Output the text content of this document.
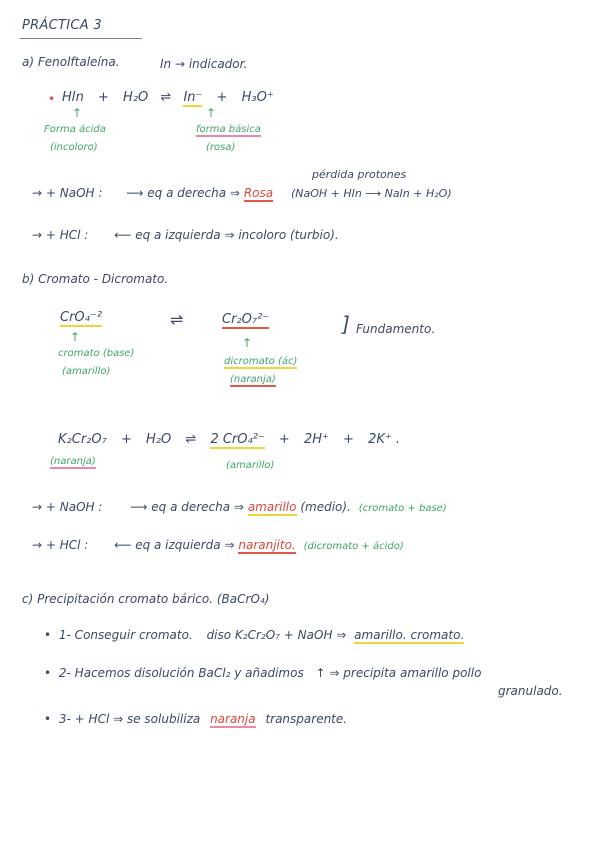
PRÁCTICA 3
a) Fenolftaleína.	In → indicador.
• HIn + H₂O ⇌ In⁻ + H₃O⁺
↑
Forma ácida
(incoloro)
↑
forma básica
(rosa)
pérdida protones
→ + NaOH : ⟶ eq a derecha ⇒ Rosa (NaOH + HIn ⟶ NaIn + H₂O)
→ + HCl : ⟵ eq a izquierda ⇒ incoloro (turbio).
b) Cromato - Dicromato.
CrO₄⁻²	⇌	Cr₂O₇²⁻	] Fundamento.
↑
cromato (base)
(amarillo)
↑
dicromato (ác)
(naranja)
K₂Cr₂O₇ + H₂O ⇌ 2 CrO₄²⁻ + 2H⁺ + 2K⁺ .
(naranja)	(amarillo)
→ + NaOH : ⟶ eq a derecha ⇒ amarillo (medio). (cromato + base)
→ + HCl : ⟵ eq a izquierda ⇒ naranjito. (dicromato + ácido)
c) Precipitación cromato bárico. (BaCrO₄)
• 1- Conseguir cromato. diso K₂Cr₂O₇ + NaOH ⇒ amarillo. cromato.
• 2- Hacemos disolución BaCl₂ y añadimos ↑ ⇒ precipita amarillo pollo
granulado.
• 3- + HCl ⇒ se solubiliza naranja transparente.
